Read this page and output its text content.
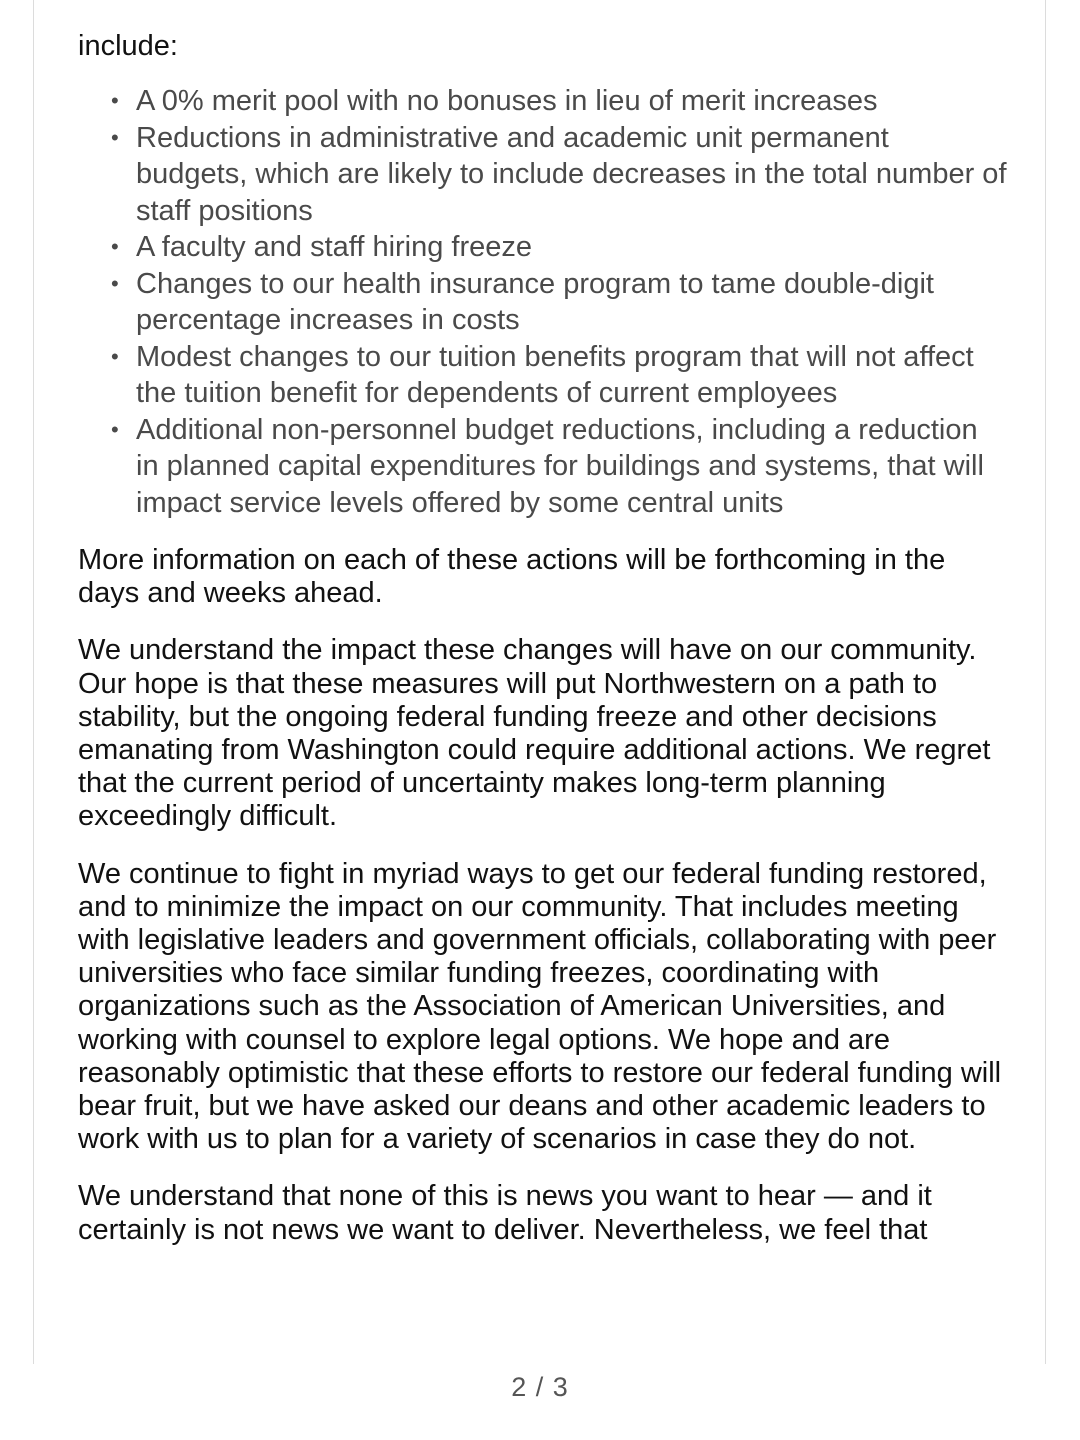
include:

• A 0% merit pool with no bonuses in lieu of merit increases
• Reductions in administrative and academic unit permanent budgets, which are likely to include decreases in the total number of staff positions
• A faculty and staff hiring freeze
• Changes to our health insurance program to tame double-digit percentage increases in costs
• Modest changes to our tuition benefits program that will not affect the tuition benefit for dependents of current employees
• Additional non-personnel budget reductions, including a reduction in planned capital expenditures for buildings and systems, that will impact service levels offered by some central units

More information on each of these actions will be forthcoming in the days and weeks ahead.

We understand the impact these changes will have on our community. Our hope is that these measures will put Northwestern on a path to stability, but the ongoing federal funding freeze and other decisions emanating from Washington could require additional actions. We regret that the current period of uncertainty makes long-term planning exceedingly difficult.

We continue to fight in myriad ways to get our federal funding restored, and to minimize the impact on our community. That includes meeting with legislative leaders and government officials, collaborating with peer universities who face similar funding freezes, coordinating with organizations such as the Association of American Universities, and working with counsel to explore legal options. We hope and are reasonably optimistic that these efforts to restore our federal funding will bear fruit, but we have asked our deans and other academic leaders to work with us to plan for a variety of scenarios in case they do not.

We understand that none of this is news you want to hear — and it certainly is not news we want to deliver. Nevertheless, we feel that

2 / 3
